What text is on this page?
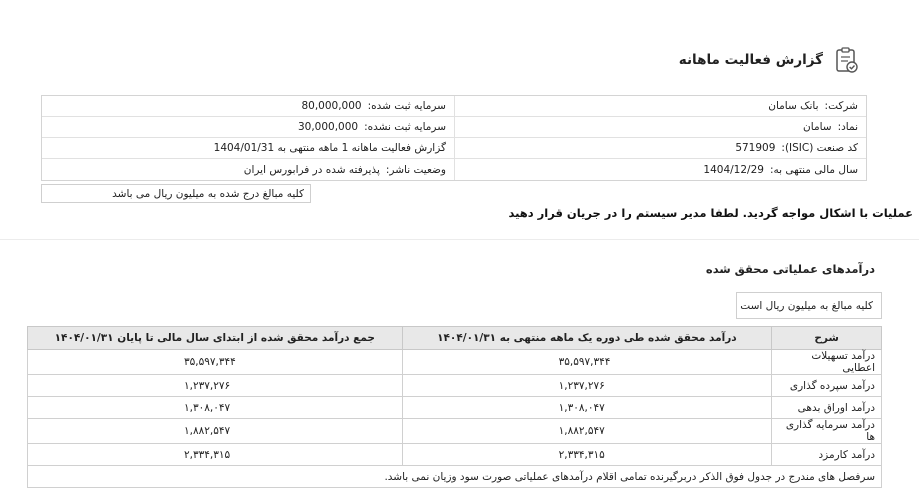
گزارش فعالیت ماهانه
شرکت:
بانک سامان
سرمایه ثبت شده:
80,000,000
نماد:
سامان
سرمایه ثبت نشده:
30,000,000
کد صنعت (ISIC):
571909
گزارش فعالیت ماهانه 1 ماهه منتهی به 1404/01/31
سال مالی منتهی به:
1404/12/29
وضعیت ناشر:
پذیرفته شده در فرابورس ایران
کلیه مبالغ درج شده به میلیون ریال می باشد
عملیات با اشکال مواجه گردید. لطفا مدیر سیستم را در جریان قرار دهید
درآمدهای عملیاتی محقق شده
کلیه مبالغ به میلیون ریال است
شرح	درآمد محقق شده طی دوره یک ماهه منتهی به ۱۴۰۴/۰۱/۳۱	جمع درآمد محقق شده از ابتدای سال مالی تا پایان ۱۴۰۴/۰۱/۳۱
درآمد تسهیلات اعطایی	۳۵,۵۹۷,۳۴۴	۳۵,۵۹۷,۳۴۴
درآمد سپرده گذاری	۱,۲۳۷,۲۷۶	۱,۲۳۷,۲۷۶
درآمد اوراق بدهی	۱,۳۰۸,۰۴۷	۱,۳۰۸,۰۴۷
درآمد سرمایه گذاری ها	۱,۸۸۲,۵۴۷	۱,۸۸۲,۵۴۷
درآمد کارمزد	۲,۳۳۴,۳۱۵	۲,۳۳۴,۳۱۵
سرفصل های مندرج در جدول فوق الذکر دربرگیرنده تمامی اقلام درآمدهای عملیاتی صورت سود وزیان نمی باشد.		
